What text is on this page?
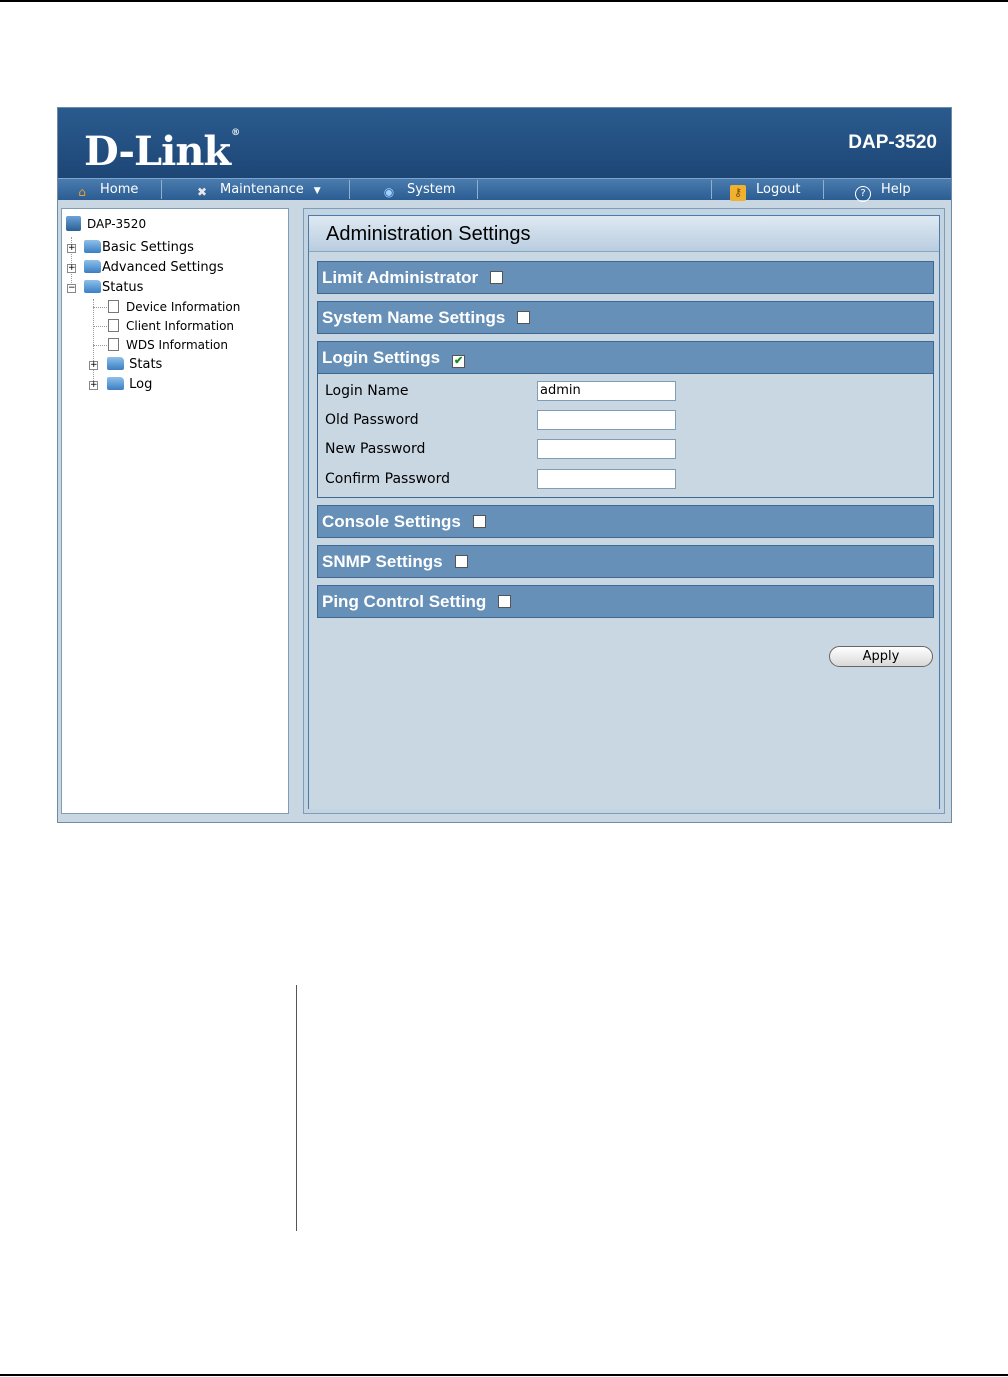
D-Link®	DAP-3520
⌂ Home	✖ Maintenance ▼	◉ System	⚷ Logout	? Help
DAP-3520
+	Basic Settings
+	Advanced Settings
−	Status
Device Information
Client Information
WDS Information
+	Stats
+	Log
Administration Settings
Limit Administrator
System Name Settings
Login Settings ✔
Login Name	admin
Old Password
New Password
Confirm Password
Console Settings
SNMP Settings
Ping Control Setting
Apply
